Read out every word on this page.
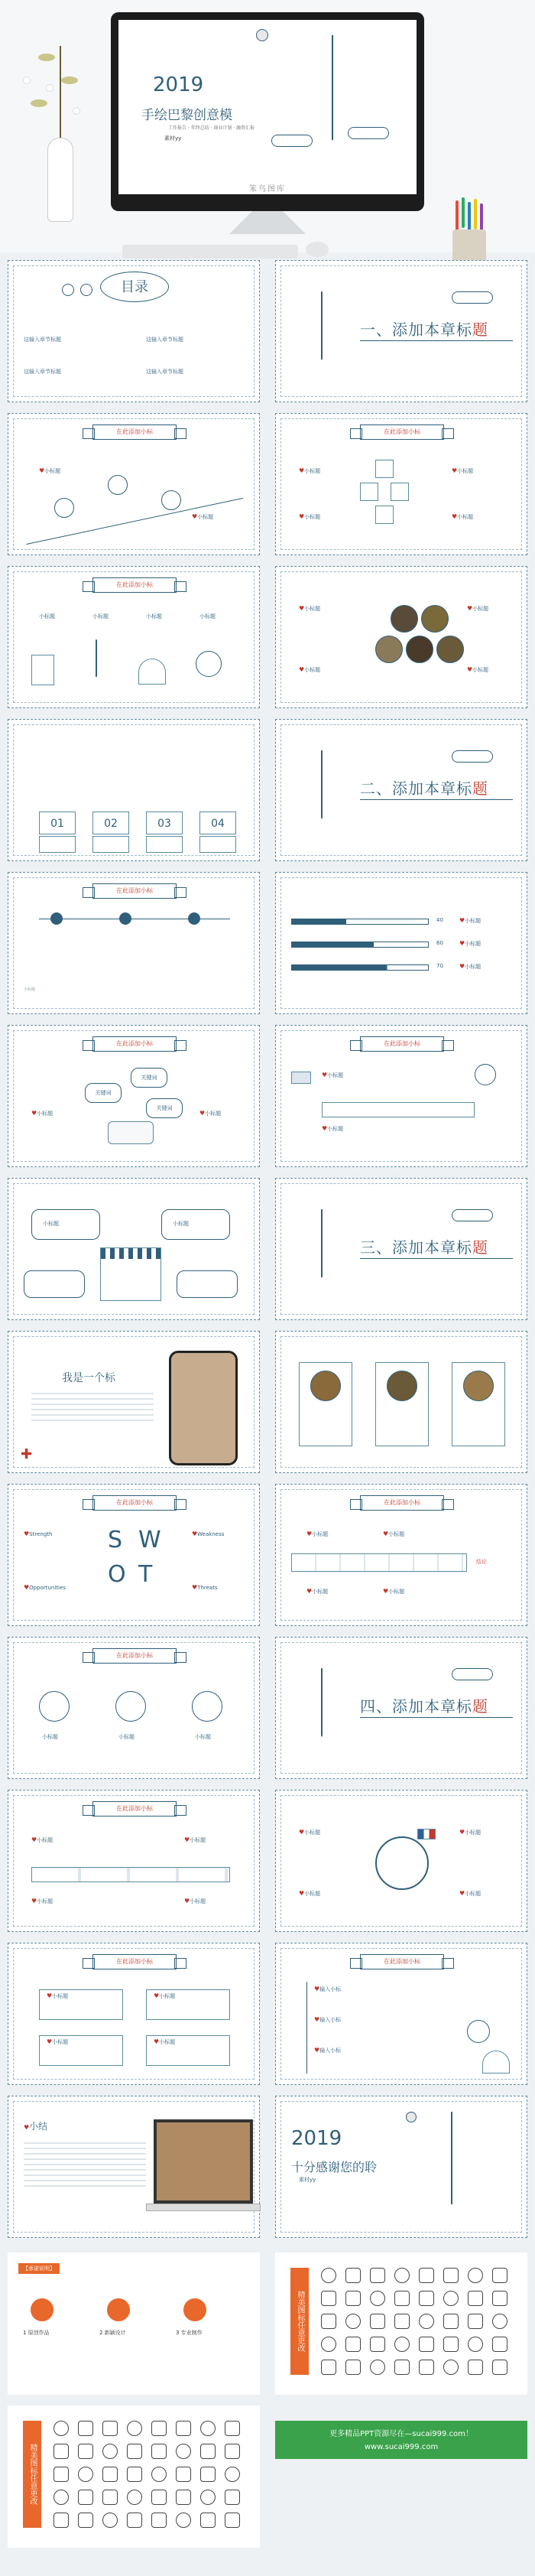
2019
手绘巴黎创意模
工作报告 · 年终总结 · 商业计划 · 融资汇报
素材yy
笨鸟图库
目录
这输入章节标题	这输入章节标题
这输入章节标题	这输入章节标题
一、添加本章标题
在此添加小标
♥小标题
♥小标题
在此添加小标
♥小标题	♥小标题
♥小标题	♥小标题
在此添加小标
小标题	小标题	小标题	小标题
♥小标题	♥小标题
♥小标题	♥小标题
01	02	03	04
二、添加本章标题
在此添加小标
小标题
40
60
70
♥小标题
♥小标题
♥小标题
在此添加小标
关键词
关键词
关键词
♥小标题	♥小标题
在此添加小标
♥小标题
♥小标题
小标题	小标题
三、添加本章标题
我是一个标
✚
在此添加小标
S W
O T
♥Strength	♥Weakness
♥Opportunities	♥Threats
在此添加小标
结论
♥小标题	♥小标题
♥小标题	♥小标题
在此添加小标
小标题	小标题	小标题
四、添加本章标题
在此添加小标
♥小标题	♥小标题
♥小标题	♥小标题
♥小标题	♥小标题
♥小标题	♥小标题
在此添加小标
♥小标题	♥小标题
♥小标题	♥小标题
在此添加小标
♥输入小标
♥输入小标
♥输入小标
♥小结
2019
十分感谢您的聆
素材yy
【承诺说明】
1 原创作品	2 新颖设计	3 专业制作	精美图标任意更改
精美图标任意更改
更多精品PPT资源尽在—sucai999.com！
www.sucai999.com
